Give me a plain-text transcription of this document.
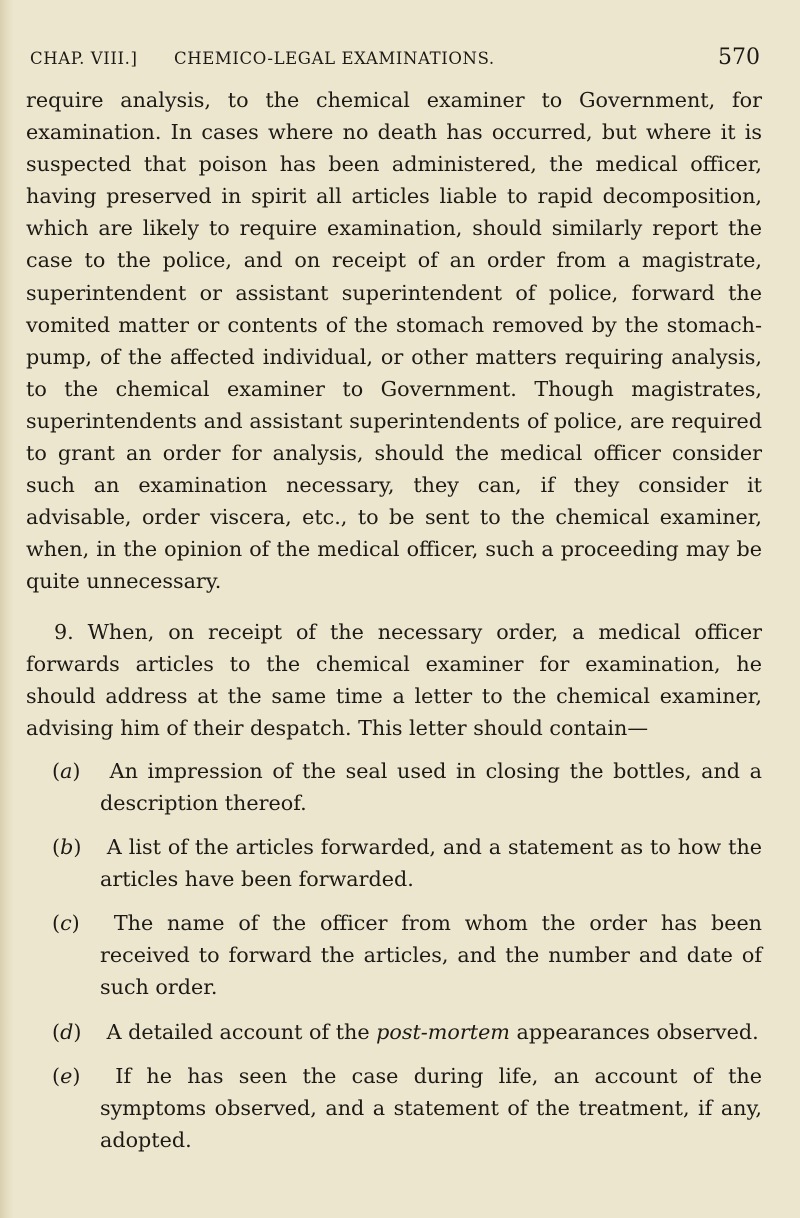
CHAP. VIII.] CHEMICO-LEGAL EXAMINATIONS.	570

require analysis, to the chemical examiner to Government, for examination. In cases where no death has occurred, but where it is suspected that poison has been administered, the medical officer, having preserved in spirit all articles liable to rapid decomposition, which are likely to require examination, should similarly report the case to the police, and on receipt of an order from a magistrate, superintendent or assistant superintendent of police, forward the vomited matter or contents of the stomach removed by the stomach-pump, of the affected individual, or other matters requiring analysis, to the chemical examiner to Government. Though magistrates, superintendents and assistant superintendents of police, are required to grant an order for analysis, should the medical officer consider such an examination necessary, they can, if they consider it advisable, order viscera, etc., to be sent to the chemical examiner, when, in the opinion of the medical officer, such a proceeding may be quite unnecessary.

9. When, on receipt of the necessary order, a medical officer forwards articles to the chemical examiner for examination, he should address at the same time a letter to the chemical examiner, advising him of their despatch. This letter should contain—

(a) An impression of the seal used in closing the bottles, and a description thereof.
(b) A list of the articles forwarded, and a statement as to how the articles have been forwarded.
(c) The name of the officer from whom the order has been received to forward the articles, and the number and date of such order.
(d) A detailed account of the post-mortem appearances observed.
(e) If he has seen the case during life, an account of the symptoms observed, and a statement of the treatment, if any, adopted.
